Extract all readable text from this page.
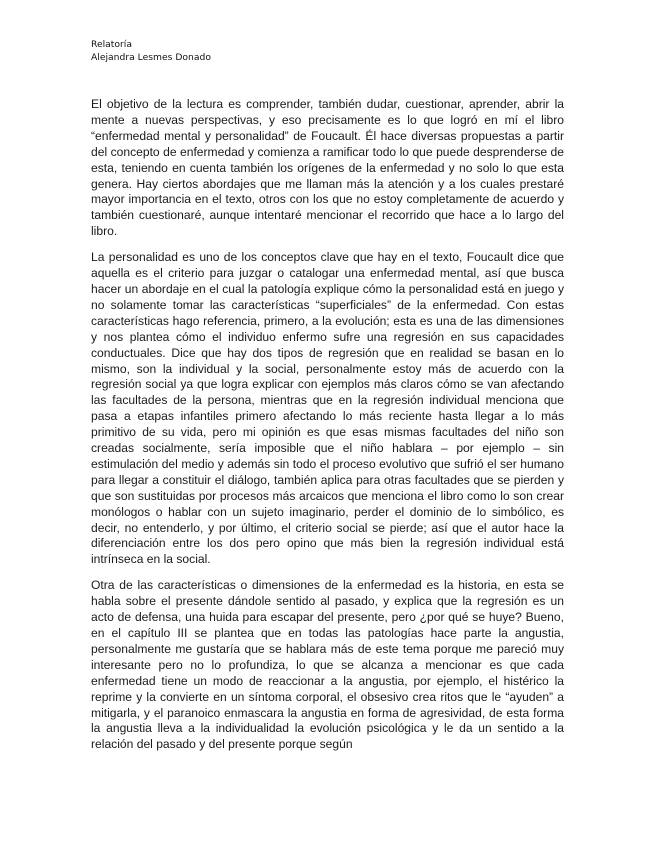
Relatoría
Alejandra Lesmes Donado

El objetivo de la lectura es comprender, también dudar, cuestionar, aprender, abrir la mente a nuevas perspectivas, y eso precisamente es lo que logró en mí el libro “enfermedad mental y personalidad” de Foucault. Él hace diversas propuestas a partir del concepto de enfermedad y comienza a ramificar todo lo que puede desprenderse de esta, teniendo en cuenta también los orígenes de la enfermedad y no solo lo que esta genera. Hay ciertos abordajes que me llaman más la atención y a los cuales prestaré mayor importancia en el texto, otros con los que no estoy completamente de acuerdo y también cuestionaré, aunque intentaré mencionar el recorrido que hace a lo largo del libro.

La personalidad es uno de los conceptos clave que hay en el texto, Foucault dice que aquella es el criterio para juzgar o catalogar una enfermedad mental, así que busca hacer un abordaje en el cual la patología explique cómo la personalidad está en juego y no solamente tomar las características “superficiales” de la enfermedad. Con estas características hago referencia, primero, a la evolución; esta es una de las dimensiones y nos plantea cómo el individuo enfermo sufre una regresión en sus capacidades conductuales. Dice que hay dos tipos de regresión que en realidad se basan en lo mismo, son la individual y la social, personalmente estoy más de acuerdo con la regresión social ya que logra explicar con ejemplos más claros cómo se van afectando las facultades de la persona, mientras que en la regresión individual menciona que pasa a etapas infantiles primero afectando lo más reciente hasta llegar a lo más primitivo de su vida, pero mi opinión es que esas mismas facultades del niño son creadas socialmente, sería imposible que el niño hablara – por ejemplo – sin estimulación del medio y además sin todo el proceso evolutivo que sufrió el ser humano para llegar a constituir el diálogo, también aplica para otras facultades que se pierden y que son sustituidas por procesos más arcaicos que menciona el libro como lo son crear monólogos o hablar con un sujeto imaginario, perder el dominio de lo simbólico, es decir, no entenderlo, y por último, el criterio social se pierde; así que el autor hace la diferenciación entre los dos pero opino que más bien la regresión individual está intrínseca en la social.

Otra de las características o dimensiones de la enfermedad es la historia, en esta se habla sobre el presente dándole sentido al pasado, y explica que la regresión es un acto de defensa, una huida para escapar del presente, pero ¿por qué se huye? Bueno, en el capítulo III se plantea que en todas las patologías hace parte la angustia, personalmente me gustaría que se hablara más de este tema porque me pareció muy interesante pero no lo profundiza, lo que se alcanza a mencionar es que cada enfermedad tiene un modo de reaccionar a la angustia, por ejemplo, el histérico la reprime y la convierte en un síntoma corporal, el obsesivo crea ritos que le “ayuden” a mitigarla, y el paranoico enmascara la angustia en forma de agresividad, de esta forma la angustia lleva a la individualidad la evolución psicológica y le da un sentido a la relación del pasado y del presente porque según
